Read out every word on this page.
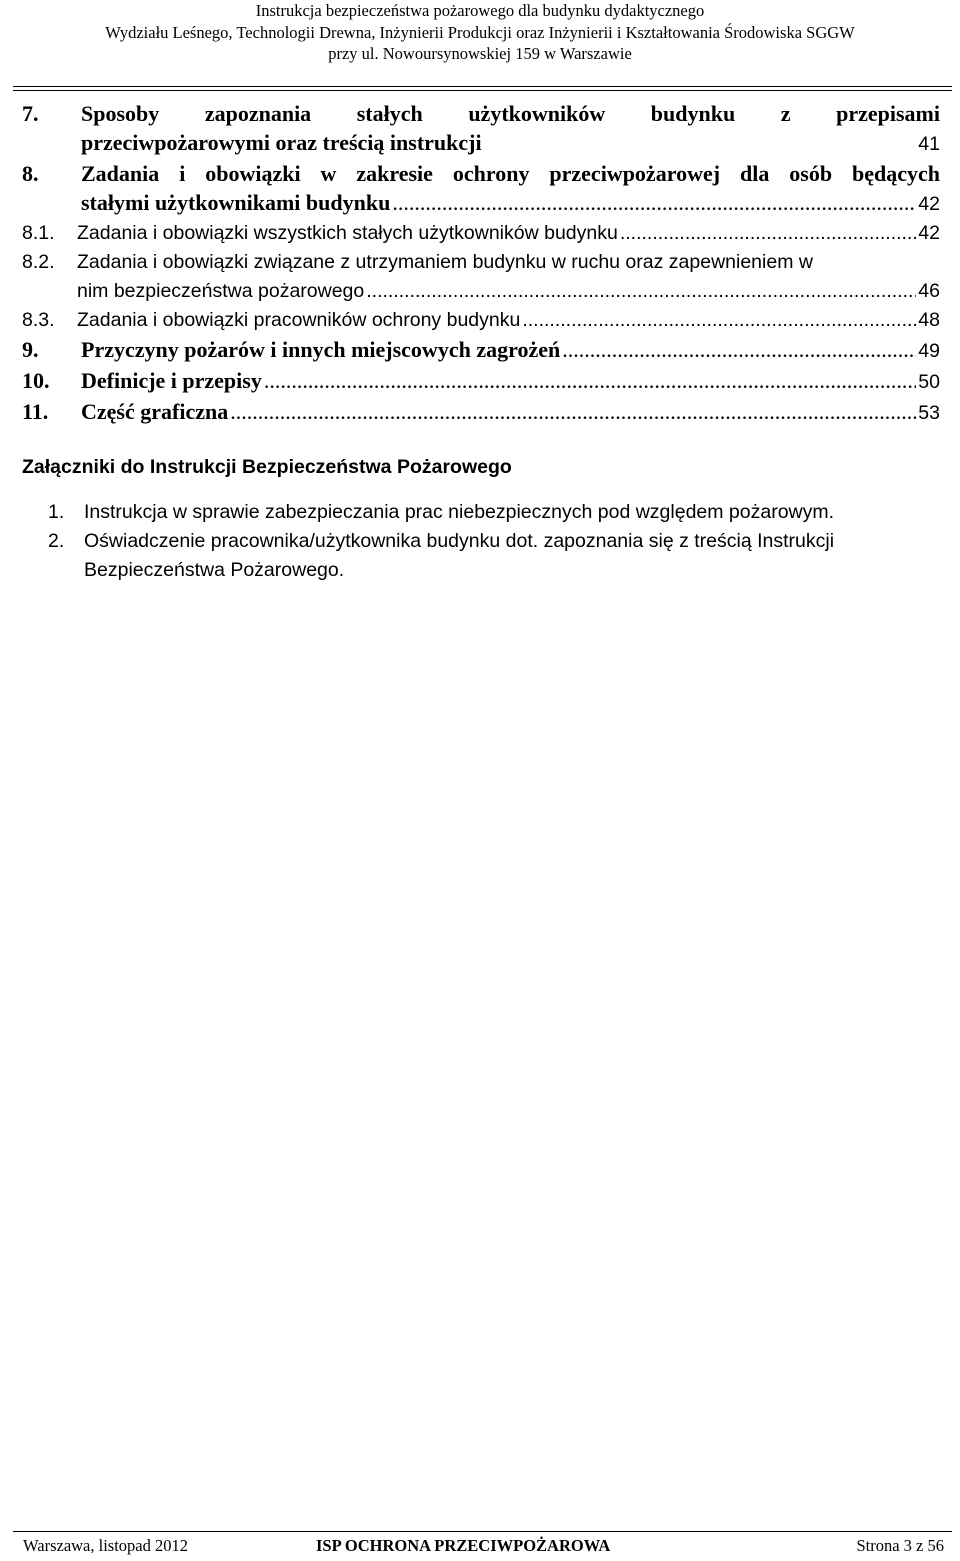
Instrukcja bezpieczeństwa pożarowego dla budynku dydaktycznego
Wydziału Leśnego, Technologii Drewna, Inżynierii Produkcji oraz Inżynierii i Kształtowania Środowiska SGGW
przy ul. Nowoursynowskiej 159 w Warszawie
7. Sposoby zapoznania stałych użytkowników budynku z przepisami
przeciwpożarowymi oraz treścią instrukcji	41
8. Zadania i obowiązki w zakresie ochrony przeciwpożarowej dla osób będących
stałymi użytkownikami budynku .....	42
8.1. Zadania i obowiązki wszystkich stałych użytkowników budynku .....	42
8.2. Zadania i obowiązki związane z utrzymaniem budynku w ruchu oraz zapewnieniem w
nim bezpieczeństwa pożarowego .....	46
8.3. Zadania i obowiązki pracowników ochrony budynku .....	48
9. Przyczyny pożarów i innych miejscowych zagrożeń .....	49
10. Definicje i przepisy .....	50
11. Część graficzna .....	53
Załączniki do Instrukcji Bezpieczeństwa Pożarowego
1. Instrukcja w sprawie zabezpieczania prac niebezpiecznych pod względem pożarowym.
2. Oświadczenie pracownika/użytkownika budynku dot. zapoznania się z treścią Instrukcji
Bezpieczeństwa Pożarowego.
Warszawa, listopad 2012	ISP OCHRONA PRZECIWPOŻAROWA	Strona 3 z 56
